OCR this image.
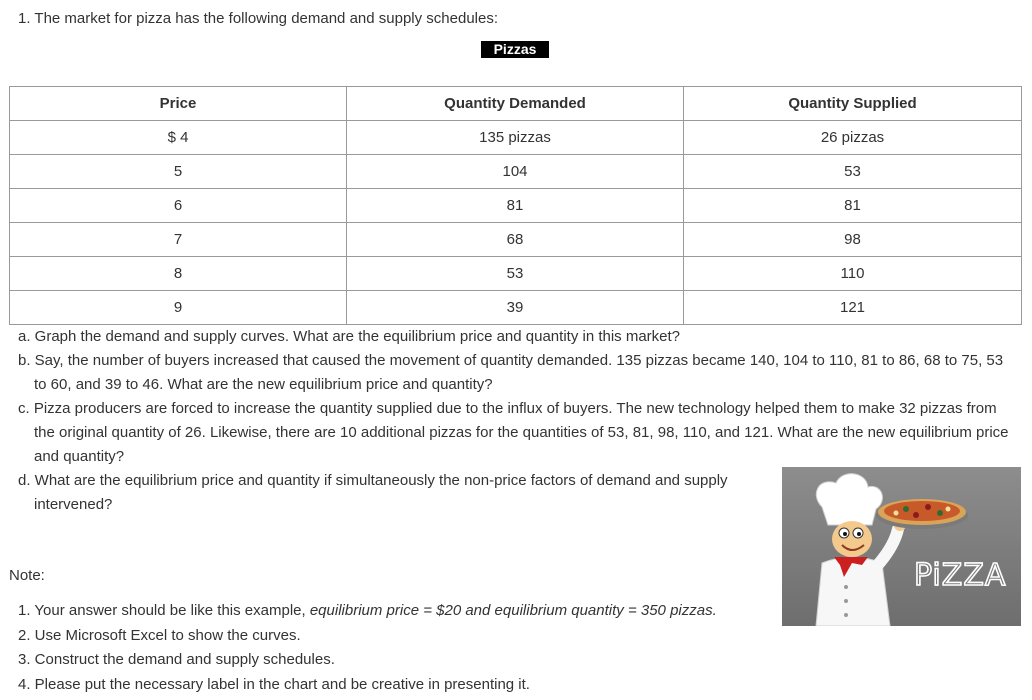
1. The market for pizza has the following demand and supply schedules:
Pizzas
Price	Quantity Demanded	Quantity Supplied
$ 4	135 pizzas	26 pizzas
5	104	53
6	81	81
7	68	98
8	53	110
9	39	121
a. Graph the demand and supply curves. What are the equilibrium price and quantity in this market?
b. Say, the number of buyers increased that caused the movement of quantity demanded. 135 pizzas became 140, 104 to 110, 81 to 86, 68 to 75, 53 to 60, and 39 to 46. What are the new equilibrium price and quantity?
c. Pizza producers are forced to increase the quantity supplied due to the influx of buyers. The new technology helped them to make 32 pizzas from the original quantity of 26. Likewise, there are 10 additional pizzas for the quantities of 53, 81, 98, 110, and 121. What are the new equilibrium price and quantity?
d. What are the equilibrium price and quantity if simultaneously the non-price factors of demand and supply intervened?
PiZZA
Note:
1. Your answer should be like this example, equilibrium price = $20 and equilibrium quantity = 350 pizzas.
2. Use Microsoft Excel to show the curves.
3. Construct the demand and supply schedules.
4. Please put the necessary label in the chart and be creative in presenting it.
